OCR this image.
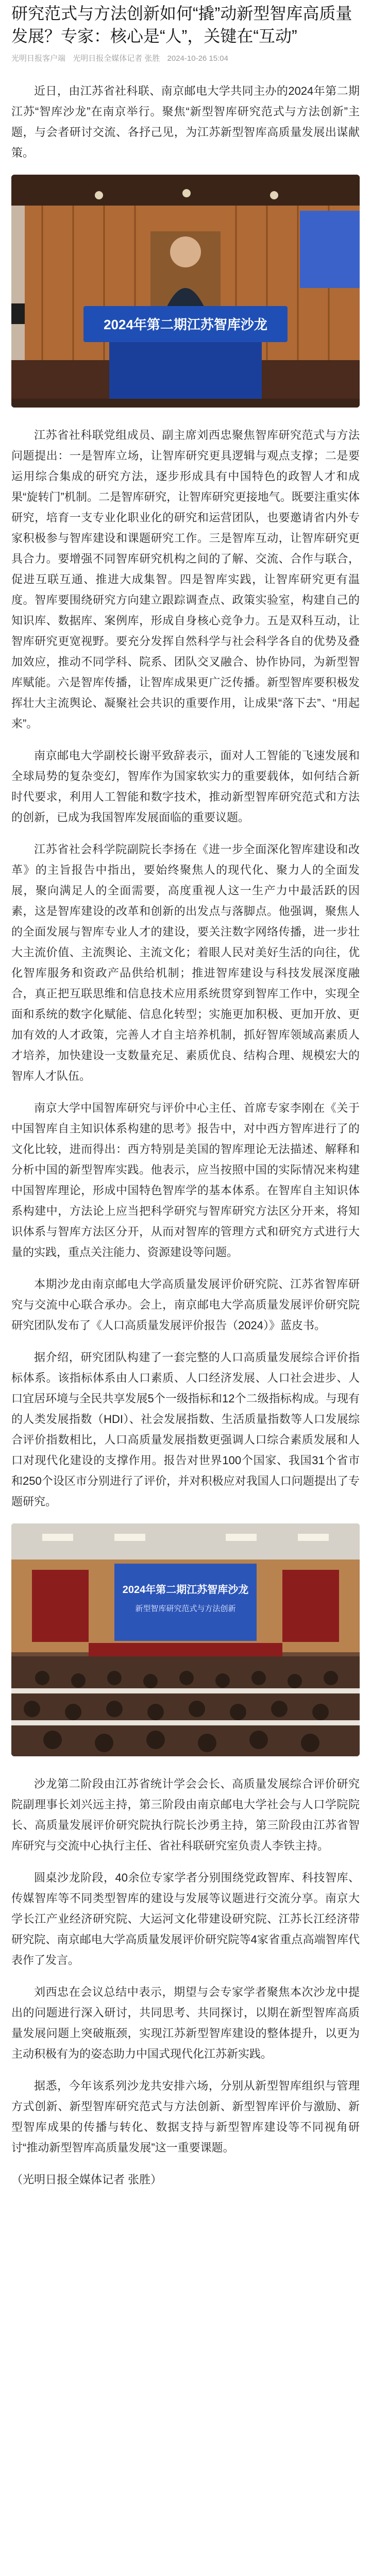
研究范式与方法创新如何“撬”动新型智库高质量发展？专家：核心是“人”，关键在“互动”
光明日报客户端 光明日报全媒体记者 张胜 2024-10-26 15:04

近日，由江苏省社科联、南京邮电大学共同主办的2024年第二期江苏“智库沙龙”在南京举行。聚焦“新型智库研究范式与方法创新”主题，与会者研讨交流、各抒己见，为江苏新型智库高质量发展出谋献策。

2024年第二期江苏智库沙龙

江苏省社科联党组成员、副主席刘西忠聚焦智库研究范式与方法问题提出：一是智库立场，让智库研究更具逻辑与观点支撑；二是要运用综合集成的研究方法，逐步形成具有中国特色的政智人才和成果“旋转门”机制。二是智库研究，让智库研究更接地气。既要注重实体研究，培育一支专业化职业化的研究和运营团队，也要邀请省内外专家积极参与智库建设和课题研究工作。三是智库互动，让智库研究更具合力。要增强不同智库研究机构之间的了解、交流、合作与联合，促进互联互通、推进大成集智。四是智库实践，让智库研究更有温度。智库要围绕研究方向建立跟踪调查点、政策实验室，构建自己的知识库、数据库、案例库，形成自身核心竞争力。五是双科互动，让智库研究更宽视野。要充分发挥自然科学与社会科学各自的优势及叠加效应，推动不同学科、院系、团队交叉融合、协作协同，为新型智库赋能。六是智库传播，让智库成果更广泛传播。新型智库要积极发挥壮大主流舆论、凝聚社会共识的重要作用，让成果“落下去”、“用起来”。

南京邮电大学副校长谢平致辞表示，面对人工智能的飞速发展和全球局势的复杂变幻，智库作为国家软实力的重要载体，如何结合新时代要求，利用人工智能和数字技术，推动新型智库研究范式和方法的创新，已成为我国智库发展面临的重要议题。

江苏省社会科学院副院长李扬在《进一步全面深化智库建设和改革》的主旨报告中指出，要始终聚焦人的现代化、聚力人的全面发展，聚向满足人的全面需要，高度重视人这一生产力中最活跃的因素，这是智库建设的改革和创新的出发点与落脚点。他强调，聚焦人的全面发展与智库专业人才的建设，要关注数字网络传播，进一步壮大主流价值、主流舆论、主流文化；着眼人民对美好生活的向往，优化智库服务和资政产品供给机制；推进智库建设与科技发展深度融合，真正把互联思维和信息技术应用系统贯穿到智库工作中，实现全面和系统的数字化赋能、信息化转型；实施更加积极、更加开放、更加有效的人才政策，完善人才自主培养机制，抓好智库领域高素质人才培养，加快建设一支数量充足、素质优良、结构合理、规模宏大的智库人才队伍。

南京大学中国智库研究与评价中心主任、首席专家李刚在《关于中国智库自主知识体系构建的思考》报告中，对中西方智库进行了的文化比较，进而得出：西方特别是美国的智库理论无法描述、解释和分析中国的新型智库实践。他表示，应当按照中国的实际情况来构建中国智库理论，形成中国特色智库学的基本体系。在智库自主知识体系构建中，方法论上应当把科学研究与智库研究方法区分开来，将知识体系与智库方法区分开，从而对智库的管理方式和研究方式进行大量的实践，重点关注能力、资源建设等问题。

本期沙龙由南京邮电大学高质量发展评价研究院、江苏省智库研究与交流中心联合承办。会上，南京邮电大学高质量发展评价研究院研究团队发布了《人口高质量发展评价报告（2024）》蓝皮书。

据介绍，研究团队构建了一套完整的人口高质量发展综合评价指标体系。该指标体系由人口素质、人口经济发展、人口社会进步、人口宜居环境与全民共享发展5个一级指标和12个二级指标构成。与现有的人类发展指数（HDI）、社会发展指数、生活质量指数等人口发展综合评价指数相比，人口高质量发展指数更强调人口综合素质发展和人口对现代化建设的支撑作用。报告对世界100个国家、我国31个省市和250个设区市分别进行了评价，并对积极应对我国人口问题提出了专题研究。

2024年第二期江苏智库沙龙
新型智库研究范式与方法创新

沙龙第二阶段由江苏省统计学会会长、高质量发展综合评价研究院副理事长刘兴远主持，第三阶段由南京邮电大学社会与人口学院院长、高质量发展评价研究院执行院长沙勇主持，第三阶段由江苏省智库研究与交流中心执行主任、省社科联研究室负责人李铁主持。

圆桌沙龙阶段，40余位专家学者分别围绕党政智库、科技智库、传媒智库等不同类型智库的建设与发展等议题进行交流分享。南京大学长江产业经济研究院、大运河文化带建设研究院、江苏长江经济带研究院、南京邮电大学高质量发展评价研究院等4家省重点高端智库代表作了发言。

刘西忠在会议总结中表示，期望与会专家学者聚焦本次沙龙中提出的问题进行深入研讨，共同思考、共同探讨，以期在新型智库高质量发展问题上突破瓶颈，实现江苏新型智库建设的整体提升，以更为主动积极有为的姿态助力中国式现代化江苏新实践。

据悉，今年该系列沙龙共安排六场，分别从新型智库组织与管理方式创新、新型智库研究范式与方法创新、新型智库评价与激励、新型智库成果的传播与转化、数据支持与新型智库建设等不同视角研讨“推动新型智库高质量发展”这一重要课题。

（光明日报全媒体记者 张胜）
